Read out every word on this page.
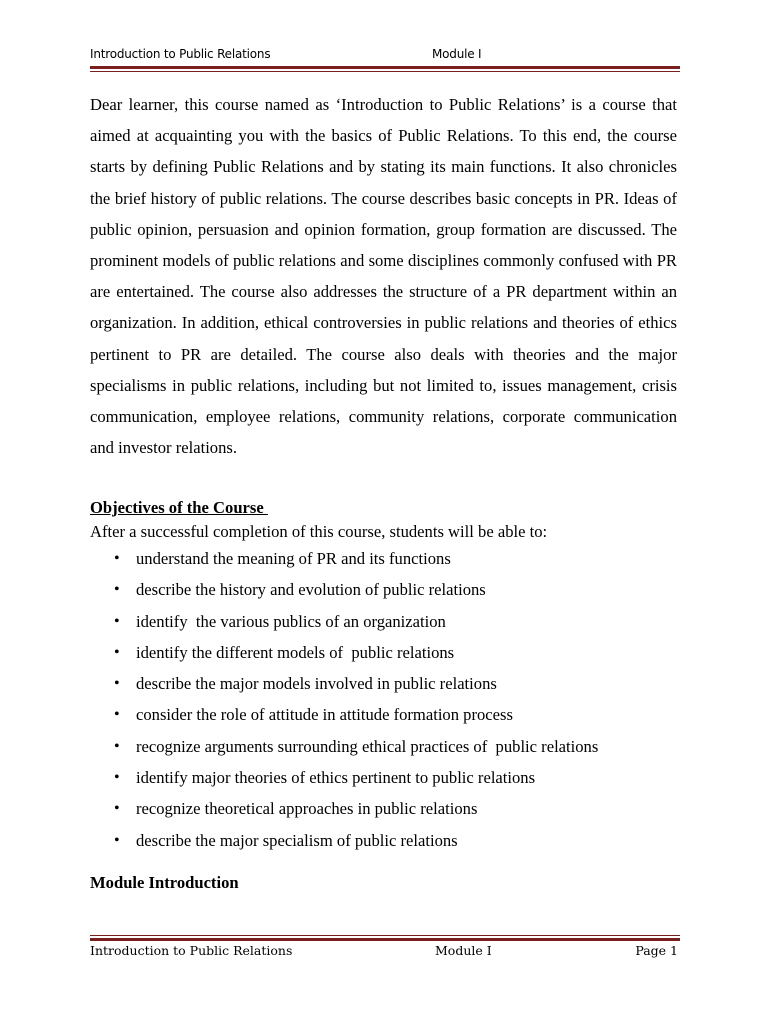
Introduction to Public Relations	Module I

Dear learner, this course named as ‘Introduction to Public Relations’ is a course that aimed at acquainting you with the basics of Public Relations. To this end, the course starts by defining Public Relations and by stating its main functions. It also chronicles the brief history of public relations. The course describes basic concepts in PR. Ideas of public opinion, persuasion and opinion formation, group formation are discussed. The prominent models of public relations and some disciplines commonly confused with PR are entertained. The course also addresses the structure of a PR department within an organization. In addition, ethical controversies in public relations and theories of ethics pertinent to PR are detailed. The course also deals with theories and the major specialisms in public relations, including but not limited to, issues management, crisis communication, employee relations, community relations, corporate communication and investor relations.

Objectives of the Course

After a successful completion of this course, students will be able to:

• understand the meaning of PR and its functions
• describe the history and evolution of public relations
• identify  the various publics of an organization
• identify the different models of  public relations
• describe the major models involved in public relations
• consider the role of attitude in attitude formation process
• recognize arguments surrounding ethical practices of  public relations
• identify major theories of ethics pertinent to public relations
• recognize theoretical approaches in public relations
• describe the major specialism of public relations

Module Introduction

Introduction to Public Relations	Module I	Page 1
